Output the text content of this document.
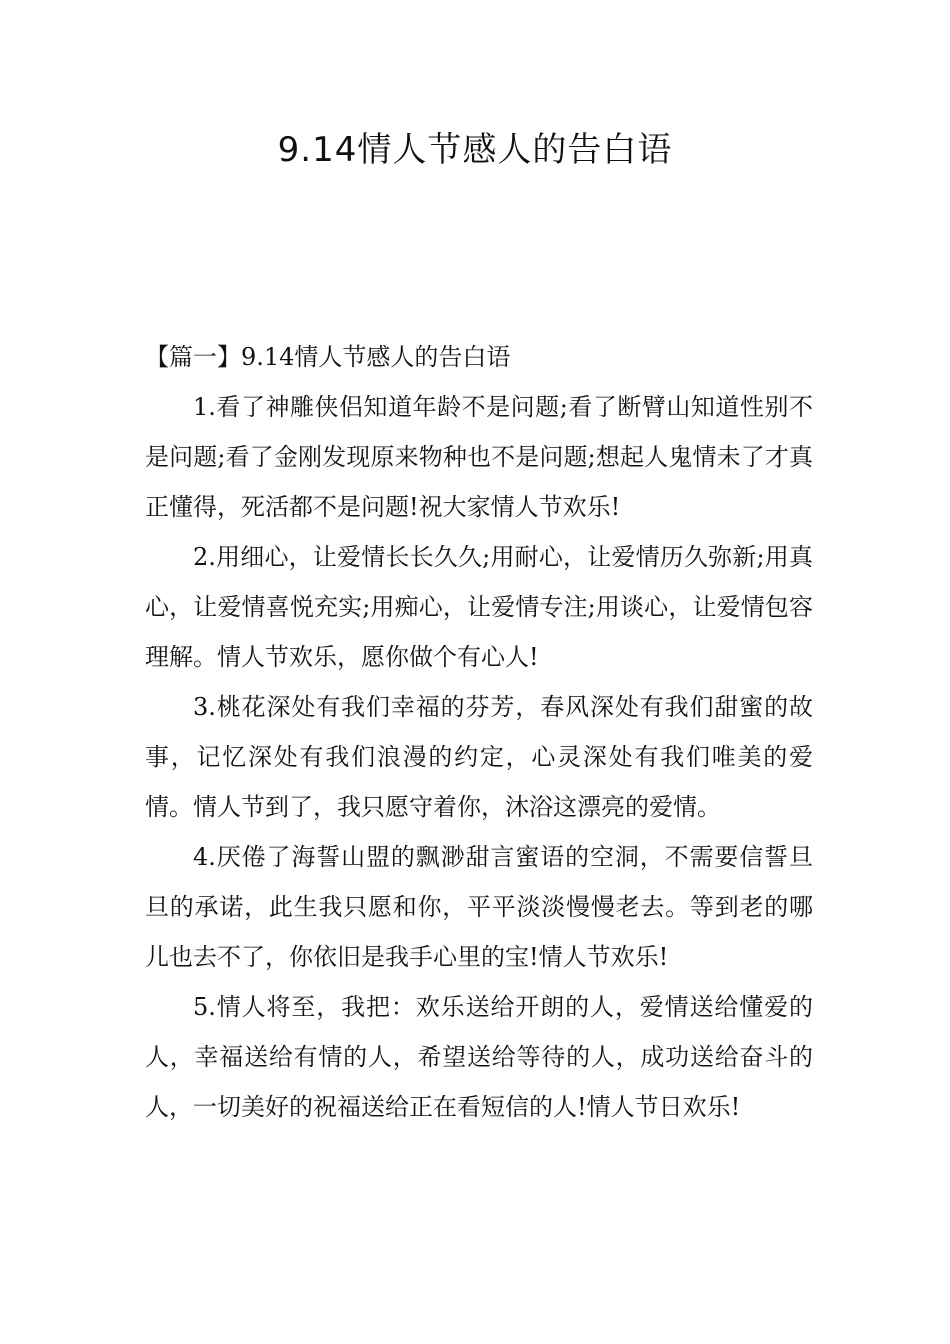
9.14情人节感人的告白语

【篇一】9.14情人节感人的告白语

1.看了神雕侠侣知道年龄不是问题;看了断臂山知道性别不是问题;看了金刚发现原来物种也不是问题;想起人鬼情未了才真正懂得，死活都不是问题!祝大家情人节欢乐!

2.用细心，让爱情长长久久;用耐心，让爱情历久弥新;用真心，让爱情喜悦充实;用痴心，让爱情专注;用谈心，让爱情包容理解。情人节欢乐，愿你做个有心人!

3.桃花深处有我们幸福的芬芳，春风深处有我们甜蜜的故事，记忆深处有我们浪漫的约定，心灵深处有我们唯美的爱情。情人节到了，我只愿守着你，沐浴这漂亮的爱情。

4.厌倦了海誓山盟的飘渺甜言蜜语的空洞，不需要信誓旦旦的承诺，此生我只愿和你，平平淡淡慢慢老去。等到老的哪儿也去不了，你依旧是我手心里的宝!情人节欢乐!

5.情人将至，我把：欢乐送给开朗的人，爱情送给懂爱的人，幸福送给有情的人，希望送给等待的人，成功送给奋斗的人，一切美好的祝福送给正在看短信的人!情人节日欢乐!
